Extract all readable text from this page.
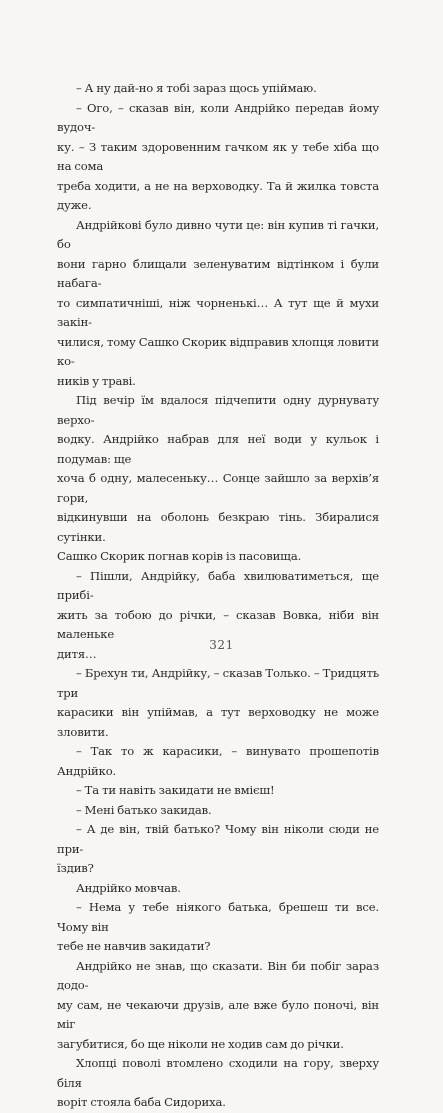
– А ну дай-но я тобі зараз щось упіймаю.

– Ого, – сказав він, коли Андрійко передав йому вудоч-
ку. – З таким здоровенним гачком як у тебе хіба що на сома
треба ходити, а не на верховодку. Та й жилка товста дуже.

Андрійкові було дивно чути це: він купив ті гачки, бо
вони гарно блищали зеленуватим відтінком і були набага-
то симпатичніші, ніж чорненькі… А тут ще й мухи закін-
чилися, тому Сашко Скорик відправив хлопця ловити ко-
ників у траві.

Під вечір їм вдалося підчепити одну дурнувату верхо-
водку. Андрійко набрав для неї води у кульок і подумав: ще
хоча б одну, малесеньку… Сонце зайшло за верхів’я гори,
відкинувши на оболонь безкраю тінь. Збиралися сутінки.
Сашко Скорик погнав корів із пасовища.

– Пішли, Андрійку, баба хвилюватиметься, ще прибі-
жить за тобою до річки, – сказав Вовка, ніби він маленьке
дитя…

– Брехун ти, Андрійку, – сказав Только. – Тридцять три
карасики він упіймав, а тут верховодку не може зловити.

– Так то ж карасики, – винувато прошепотів Андрійко.

– Та ти навіть закидати не вмієш!

– Мені батько закидав.

– А де він, твій батько? Чому він ніколи сюди не при-
їздив?

Андрійко мовчав.

– Нема у тебе ніякого батька, брешеш ти все. Чому він
тебе не навчив закидати?

Андрійко не знав, що сказати. Він би побіг зараз додо-
му сам, не чекаючи друзів, але вже було поночі, він міг
загубитися, бо ще ніколи не ходив сам до річки.

Хлопці поволі втомлено сходили на гору, зверху біля
воріт стояла баба Сидориха.

321
